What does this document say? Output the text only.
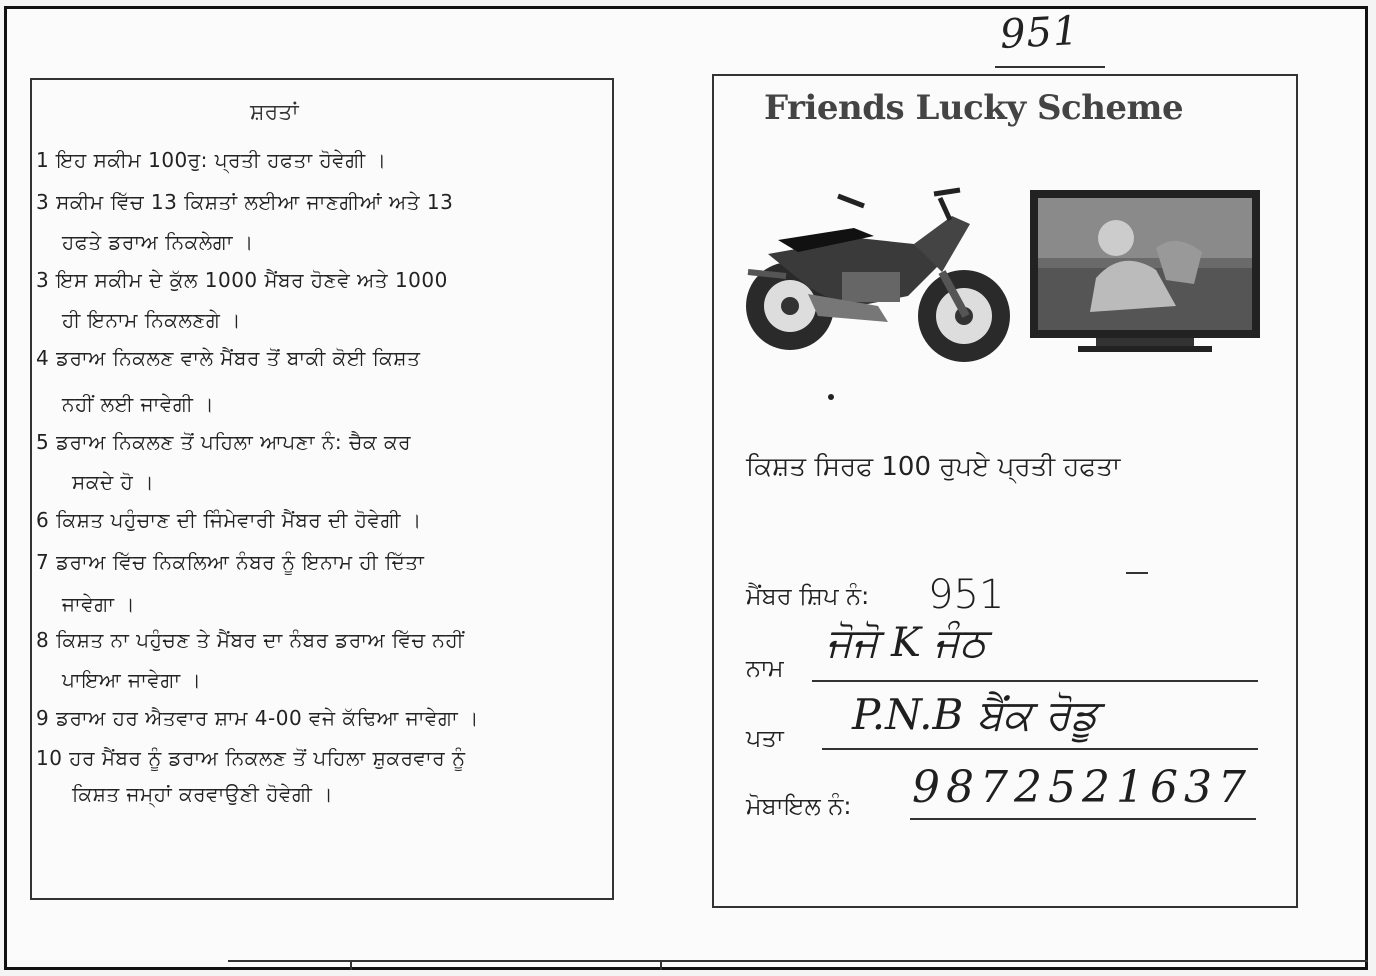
951
ਸ਼ਰਤਾਂ
1 ਇਹ ਸਕੀਮ 100ਰੁ: ਪ੍ਰਤੀ ਹਫਤਾ ਹੋਵੇਗੀ ।
3 ਸਕੀਮ ਵਿੱਚ 13 ਕਿਸ਼ਤਾਂ ਲਈਆ ਜਾਣਗੀਆਂ ਅਤੇ 13
ਹਫਤੇ ਡਰਾਅ ਨਿਕਲੇਗਾ ।
3 ਇਸ ਸਕੀਮ ਦੇ ਕੁੱਲ 1000 ਮੈਂਬਰ ਹੋਣਵੇ ਅਤੇ 1000
ਹੀ ਇਨਾਮ ਨਿਕਲਣਗੇ ।
4 ਡਰਾਅ ਨਿਕਲਣ ਵਾਲੇ ਮੈਂਬਰ ਤੋਂ ਬਾਕੀ ਕੋਈ ਕਿਸ਼ਤ
ਨਹੀਂ ਲਈ ਜਾਵੇਗੀ ।
5 ਡਰਾਅ ਨਿਕਲਣ ਤੋਂ ਪਹਿਲਾ ਆਪਣਾ ਨੰ: ਚੈਕ ਕਰ
ਸਕਦੇ ਹੋ ।
6 ਕਿਸ਼ਤ ਪਹੁੰਚਾਣ ਦੀ ਜਿੰਮੇਵਾਰੀ ਮੈਂਬਰ ਦੀ ਹੋਵੇਗੀ ।
7 ਡਰਾਅ ਵਿੱਚ ਨਿਕਲਿਆ ਨੰਬਰ ਨੂੰ ਇਨਾਮ ਹੀ ਦਿੱਤਾ
ਜਾਵੇਗਾ ।
8 ਕਿਸ਼ਤ ਨਾ ਪਹੁੰਚਣ ਤੇ ਮੈਂਬਰ ਦਾ ਨੰਬਰ ਡਰਾਅ ਵਿੱਚ ਨਹੀਂ
ਪਾਇਆ ਜਾਵੇਗਾ ।
9 ਡਰਾਅ ਹਰ ਐਤਵਾਰ ਸ਼ਾਮ 4-00 ਵਜੇ ਕੱਢਿਆ ਜਾਵੇਗਾ ।
10 ਹਰ ਮੈਂਬਰ ਨੂੰ ਡਰਾਅ ਨਿਕਲਣ ਤੋਂ ਪਹਿਲਾ ਸ਼ੁਕਰਵਾਰ ਨੂੰ
ਕਿਸ਼ਤ ਜਮ੍ਹਾਂ ਕਰਵਾਉਣੀ ਹੋਵੇਗੀ ।
Friends Lucky Scheme
ਕਿਸ਼ਤ ਸਿਰਫ 100 ਰੁਪਏ ਪ੍ਰਤੀ ਹਫਤਾ
ਮੈਂਬਰ ਸ਼ਿਪ ਨੰ: 951
ਨਾਮ
ਜੋਜੋ K ਜੰਠ
ਪਤਾ P.N.B ਬੈਂਕ ਰੋਡੂ
ਮੋਬਾਇਲ ਨੰ: 9872521637
